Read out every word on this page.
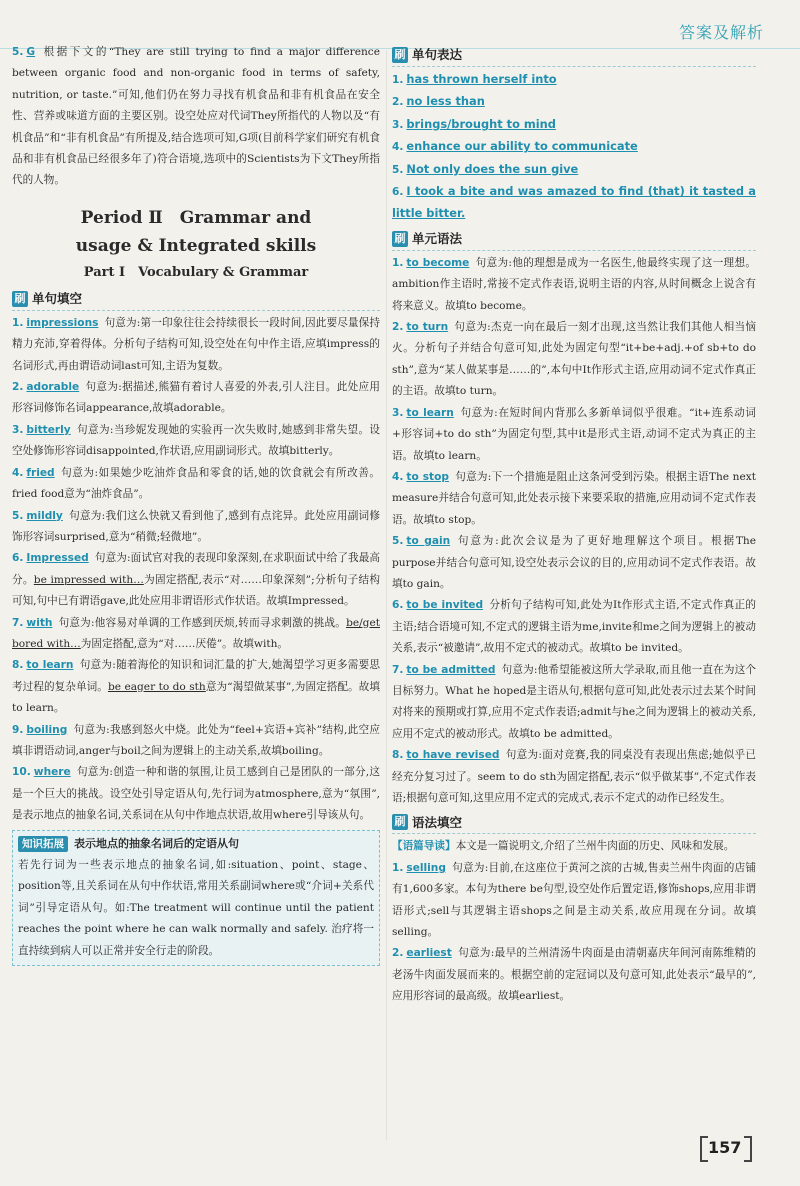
答案及解析

5. G 根据下文的“They are still trying to find a major difference between organic food and non-organic food in terms of safety, nutrition, or taste.”可知,他们仍在努力寻找有机食品和非有机食品在安全性、营养或味道方面的主要区别。设空处应对代词They所指代的人物以及“有机食品”和“非有机食品”有所提及,结合选项可知,G项(目前科学家们研究有机食品和非有机食品已经很多年了)符合语境,选项中的Scientists为下文They所指代的人物。

Period Ⅱ　Grammar and
usage & Integrated skills
Part Ⅰ　Vocabulary & Grammar
刷 单句填空

1. impressions 句意为:第一印象往往会持续很长一段时间,因此要尽量保持精力充沛,穿着得体。分析句子结构可知,设空处在句中作主语,应填impress的名词形式,再由谓语动词last可知,主语为复数。

2. adorable 句意为:据描述,熊猫有着讨人喜爱的外表,引人注目。此处应用形容词修饰名词appearance,故填adorable。

3. bitterly 句意为:当珍妮发现她的实验再一次失败时,她感到非常失望。设空处修饰形容词disappointed,作状语,应用副词形式。故填bitterly。

4. fried 句意为:如果她少吃油炸食品和零食的话,她的饮食就会有所改善。fried food意为“油炸食品”。

5. mildly 句意为:我们这么快就又看到他了,感到有点诧异。此处应用副词修饰形容词surprised,意为“稍微;轻微地”。

6. Impressed 句意为:面试官对我的表现印象深刻,在求职面试中给了我最高分。be impressed with…为固定搭配,表示“对……印象深刻”;分析句子结构可知,句中已有谓语gave,此处应用非谓语形式作状语。故填Impressed。

7. with 句意为:他容易对单调的工作感到厌烦,转而寻求刺激的挑战。be/get bored with…为固定搭配,意为“对……厌倦”。故填with。

8. to learn 句意为:随着海伦的知识和词汇量的扩大,她渴望学习更多需要思考过程的复杂单词。be eager to do sth意为“渴望做某事”,为固定搭配。故填to learn。

9. boiling 句意为:我感到怒火中烧。此处为“feel+宾语+宾补”结构,此空应填非谓语动词,anger与boil之间为逻辑上的主动关系,故填boiling。

10. where 句意为:创造一种和谐的氛围,让员工感到自己是团队的一部分,这是一个巨大的挑战。设空处引导定语从句,先行词为atmosphere,意为“氛围”,是表示地点的抽象名词,关系词在从句中作地点状语,故用where引导该从句。

知识拓展 表示地点的抽象名词后的定语从句

若先行词为一些表示地点的抽象名词,如:situation、point、stage、position等,且关系词在从句中作状语,常用关系副词where或“介词+关系代词”引导定语从句。如:The treatment will continue until the patient reaches the point where he can walk normally and safely. 治疗将一直持续到病人可以正常并安全行走的阶段。

刷 单句表达

1. has thrown herself into

2. no less than

3. brings/brought to mind

4. enhance our ability to communicate

5. Not only does the sun give

6. I took a bite and was amazed to find (that) it tasted a little bitter.

刷 单元语法

1. to become 句意为:他的理想是成为一名医生,他最终实现了这一理想。ambition作主语时,常接不定式作表语,说明主语的内容,从时间概念上说含有将来意义。故填to become。

2. to turn 句意为:杰克一向在最后一刻才出现,这当然让我们其他人相当恼火。分析句子并结合句意可知,此处为固定句型“it+be+adj.+of sb+to do sth”,意为“某人做某事是……的”,本句中It作形式主语,应用动词不定式作真正的主语。故填to turn。

3. to learn 句意为:在短时间内背那么多新单词似乎很难。“it+连系动词+形容词+to do sth”为固定句型,其中it是形式主语,动词不定式为真正的主语。故填to learn。

4. to stop 句意为:下一个措施是阻止这条河受到污染。根据主语The next measure并结合句意可知,此处表示接下来要采取的措施,应用动词不定式作表语。故填to stop。

5. to gain 句意为:此次会议是为了更好地理解这个项目。根据The purpose并结合句意可知,设空处表示会议的目的,应用动词不定式作表语。故填to gain。

6. to be invited 分析句子结构可知,此处为It作形式主语,不定式作真正的主语;结合语境可知,不定式的逻辑主语为me,invite和me之间为逻辑上的被动关系,表示“被邀请”,故用不定式的被动式。故填to be invited。

7. to be admitted 句意为:他希望能被这所大学录取,而且他一直在为这个目标努力。What he hoped是主语从句,根据句意可知,此处表示过去某个时间对将来的预期或打算,应用不定式作表语;admit与he之间为逻辑上的被动关系,应用不定式的被动形式。故填to be admitted。

8. to have revised 句意为:面对竞赛,我的同桌没有表现出焦虑;她似乎已经充分复习过了。seem to do sth为固定搭配,表示“似乎做某事”,不定式作表语;根据句意可知,这里应用不定式的完成式,表示不定式的动作已经发生。

刷 语法填空

【语篇导读】本文是一篇说明文,介绍了兰州牛肉面的历史、风味和发展。

1. selling 句意为:目前,在这座位于黄河之滨的古城,售卖兰州牛肉面的店铺有1,600多家。本句为there be句型,设空处作后置定语,修饰shops,应用非谓语形式;sell与其逻辑主语shops之间是主动关系,故应用现在分词。故填selling。

2. earliest 句意为:最早的兰州清汤牛肉面是由清朝嘉庆年间河南陈维精的老汤牛肉面发展而来的。根据空前的定冠词以及句意可知,此处表示“最早的”,应用形容词的最高级。故填earliest。

157
